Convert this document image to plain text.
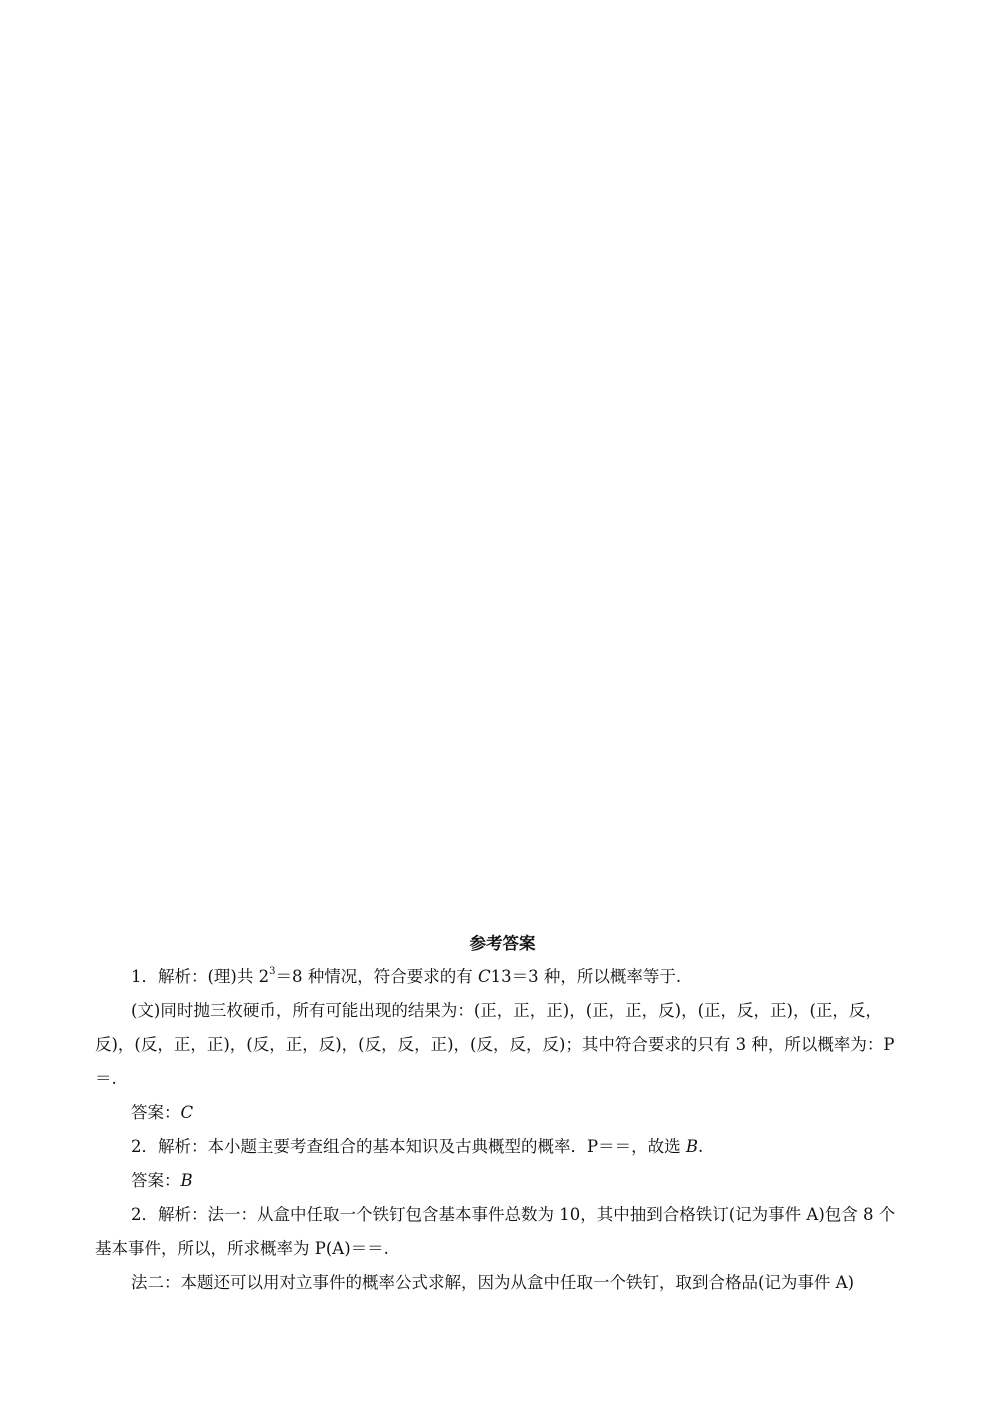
参考答案
1．解析：(理)共 $2^3=8$ 种情况，符合要求的有 C13＝3 种，所以概率等于.
(文)同时抛三枚硬币，所有可能出现的结果为：(正，正，正)，(正，正，反)，(正，反，正)，(正，反，反)，(反，正，正)，(反，正，反)，(反，反，正)，(反，反，反)；其中符合要求的只有 3 种，所以概率为：P＝.
答案：C
2．解析：本小题主要考查组合的基本知识及古典概型的概率．P＝＝，故选 B.
答案：B
2．解析：法一：从盒中任取一个铁钉包含基本事件总数为 10，其中抽到合格铁订(记为事件 A)包含 8 个基本事件，所以，所求概率为 P(A)＝＝.
法二：本题还可以用对立事件的概率公式求解，因为从盒中任取一个铁钉，取到合格品(记为事件 A)
